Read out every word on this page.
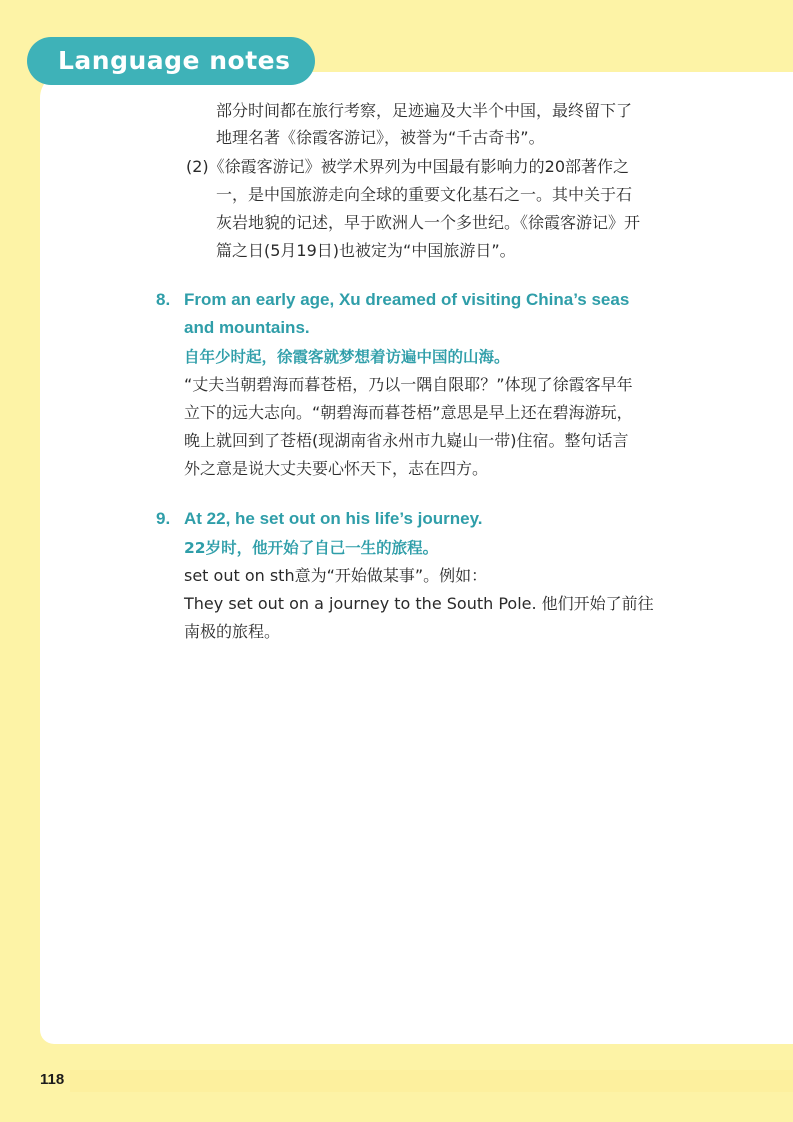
Language notes
部分时间都在旅行考察，足迹遍及大半个中国，最终留下了
地理名著《徐霞客游记》，被誉为“千古奇书”。
(2)《徐霞客游记》被学术界列为中国最有影响力的20部著作之
一，是中国旅游走向全球的重要文化基石之一。其中关于石
灰岩地貌的记述，早于欧洲人一个多世纪。《徐霞客游记》开
篇之日(5月19日)也被定为“中国旅游日”。
8. From an early age, Xu dreamed of visiting China’s seas
and mountains.
自年少时起，徐霞客就梦想着访遍中国的山海。
“丈夫当朝碧海而暮苍梧，乃以一隅自限耶？”体现了徐霞客早年
立下的远大志向。“朝碧海而暮苍梧”意思是早上还在碧海游玩，
晚上就回到了苍梧(现湖南省永州市九嶷山一带)住宿。整句话言
外之意是说大丈夫要心怀天下，志在四方。
9. At 22, he set out on his life’s journey.
22岁时，他开始了自己一生的旅程。
set out on sth意为“开始做某事”。例如：
They set out on a journey to the South Pole. 他们开始了前往
南极的旅程。
118
